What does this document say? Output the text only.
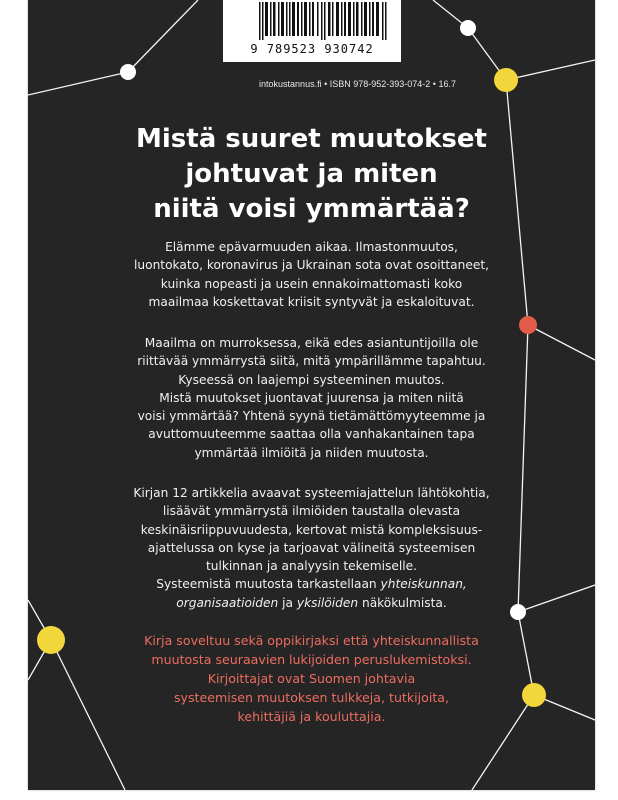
9 789523 930742
intokustannus.fi • ISBN 978-952-393-074-2 • 16.7
Mistä suuret muutokset
johtuvat ja miten
niitä voisi ymmärtää?
Elämme epävarmuuden aikaa. Ilmastonmuutos,
luontokato, koronavirus ja Ukrainan sota ovat osoittaneet,
kuinka nopeasti ja usein ennakoimattomasti koko
maailmaa koskettavat kriisit syntyvät ja eskaloituvat.
Maailma on murroksessa, eikä edes asiantuntijoilla ole
riittävää ymmärrystä siitä, mitä ympärillämme tapahtuu.
Kyseessä on laajempi systeeminen muutos.
Mistä muutokset juontavat juurensa ja miten niitä
voisi ymmärtää? Yhtenä syynä tietämättömyyteemme ja
avuttomuuteemme saattaa olla vanhakantainen tapa
ymmärtää ilmiöitä ja niiden muutosta.
Kirjan 12 artikkelia avaavat systeemiajattelun lähtökohtia,
lisäävät ymmärrystä ilmiöiden taustalla olevasta
keskinäisriippuvuudesta, kertovat mistä kompleksisuus-
ajattelussa on kyse ja tarjoavat välineitä systeemisen
tulkinnan ja analyysin tekemiselle.
Systeemistä muutosta tarkastellaan yhteiskunnan,
organisaatioiden ja yksilöiden näkökulmista.
Kirja soveltuu sekä oppikirjaksi että yhteiskunnallista
muutosta seuraavien lukijoiden peruslukemistoksi.
Kirjoittajat ovat Suomen johtavia
systeemisen muutoksen tulkkeja, tutkijoita,
kehittäjiä ja kouluttajia.
